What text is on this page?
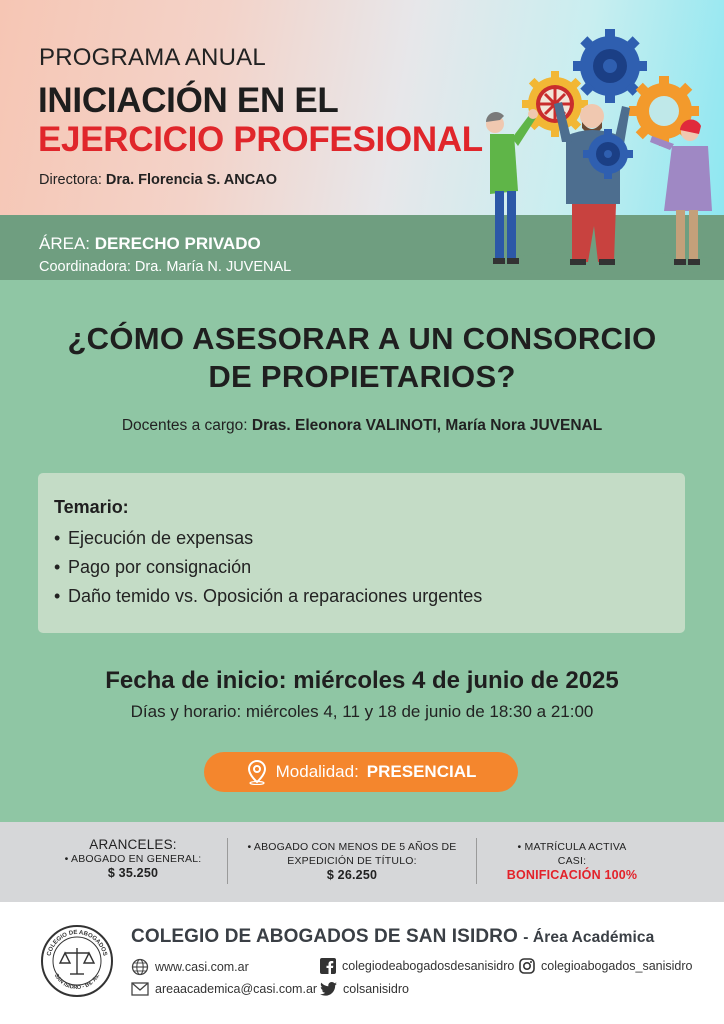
PROGRAMA ANUAL
INICIACIÓN EN EL
EJERCICIO PROFESIONAL
Directora: Dra. Florencia S. ANCAO
ÁREA: DERECHO PRIVADO
Coordinadora: Dra. María N. JUVENAL
¿CÓMO ASESORAR A UN CONSORCIO
DE PROPIETARIOS?
Docentes a cargo: Dras. Eleonora VALINOTI, María Nora JUVENAL
Temario:
• Ejecución de expensas
• Pago por consignación
• Daño temido vs. Oposición a reparaciones urgentes
Fecha de inicio: miércoles 4 de junio de 2025
Días y horario: miércoles 4, 11 y 18 de junio de 18:30 a 21:00
Modalidad: PRESENCIAL
ARANCELES:
• ABOGADO EN GENERAL:
$ 35.250
• ABOGADO CON MENOS DE 5 AÑOS DE
EXPEDICIÓN DE TÍTULO:
$ 26.250
• MATRÍCULA ACTIVA
CASI:
BONIFICACIÓN 100%
COLEGIO DE ABOGADOS
SAN ISIDRO - Bs. As.
COLEGIO DE ABOGADOS DE SAN ISIDRO - Área Académica
www.casi.com.ar	colegiodeabogadosdesanisidro colegioabogados_sanisidro
areaacademica@casi.com.ar colsanisidro
